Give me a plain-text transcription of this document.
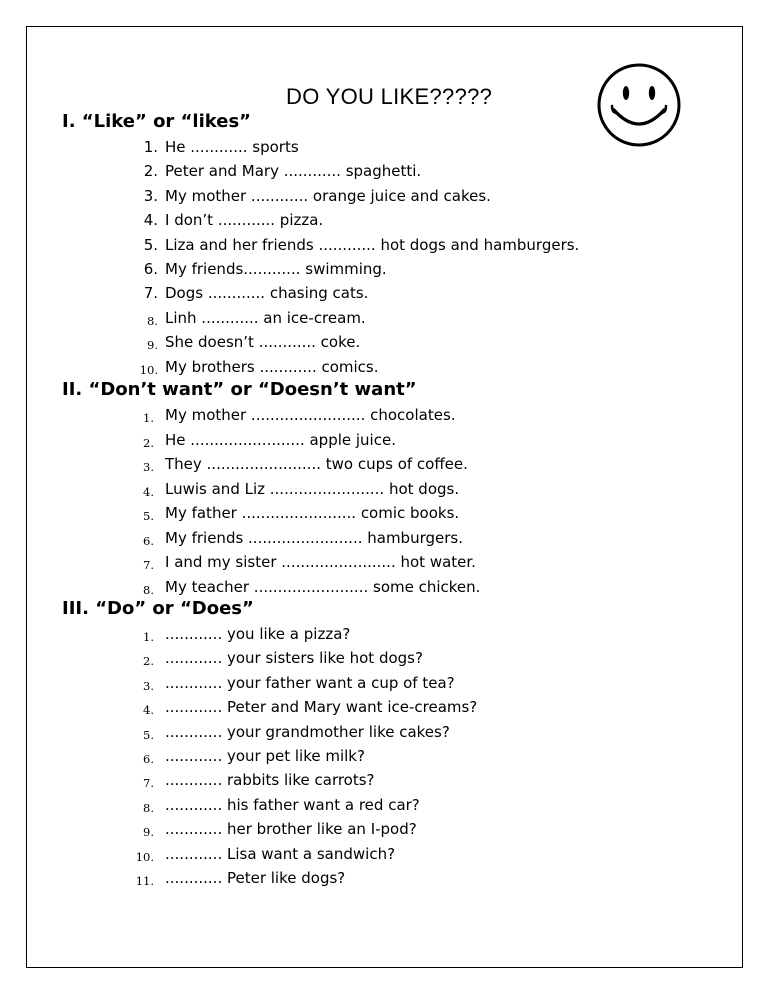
DO YOU LIKE?????
I. “Like” or “likes”
1. He ............ sports
2. Peter and Mary ............ spaghetti.
3. My mother ............ orange juice and cakes.
4. I don’t ............ pizza.
5. Liza and her friends ............ hot dogs and hamburgers.
6. My friends............ swimming.
7. Dogs ............ chasing cats.
8. Linh ............ an ice-cream.
9. She doesn’t ............ coke.
10. My brothers ............ comics.
II. “Don’t want” or “Doesn’t want”
1. My mother ........................ chocolates.
2. He ........................ apple juice.
3. They ........................ two cups of coffee.
4. Luwis and Liz ........................ hot dogs.
5. My father ........................ comic books.
6. My friends ........................ hamburgers.
7. I and my sister ........................ hot water.
8. My teacher ........................ some chicken.
III. “Do” or “Does”
1. ............ you like a pizza?
2. ............ your sisters like hot dogs?
3. ............ your father want a cup of tea?
4. ............ Peter and Mary want ice-creams?
5. ............ your grandmother like cakes?
6. ............ your pet like milk?
7. ............ rabbits like carrots?
8. ............ his father want a red car?
9. ............ her brother like an I-pod?
10. ............ Lisa want a sandwich?
11. ............ Peter like dogs?
